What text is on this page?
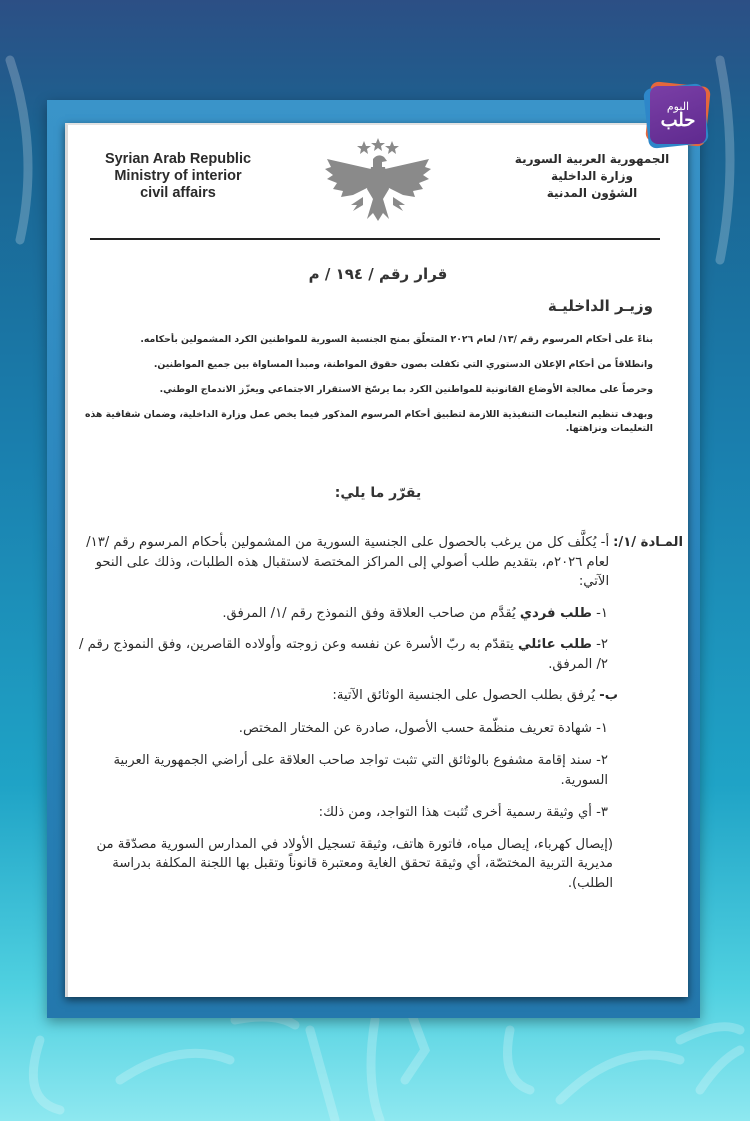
اليوم
حلب
Syrian Arab Republic
Ministry of interior
civil affairs
الجمهورية العربية السورية
وزارة الداخلية
الشؤون المدنية
قرار رقم / ١٩٤ / م
وزيـر الداخليـة

بناءً على أحكام المرسوم رقم /١٣/ لعام ٢٠٢٦ المتعلّق بمنح الجنسية السورية للمواطنين الكرد المشمولين بأحكامه.

وانطلاقاً من أحكام الإعلان الدستوري التي تكفلت بصون حقوق المواطنة، ومبدأ المساواة بين جميع المواطنين.

وحرصاً على معالجة الأوضاع القانونية للمواطنين الكرد بما يرسّخ الاستقرار الاجتماعي ويعزّز الاندماج الوطني.

وبهدف تنظيم التعليمات التنفيذية اللازمة لتطبيق أحكام المرسوم المذكور فيما يخص عمل وزارة الداخلية، وضمان شفافية هذه التعليمات ونزاهتها.

يقرّر ما يلي:
المـادة /١/:

أ- يُكلَّف كل من يرغب بالحصول على الجنسية السورية من المشمولين بأحكام المرسوم رقم /١٣/ لعام ٢٠٢٦م، بتقديم طلب أصولي إلى المراكز المختصة لاستقبال هذه الطلبات، وذلك على النحو الآتي:

١- طلب فردي يُقدَّم من صاحب العلاقة وفق النموذج رقم /١/ المرفق.
٢- طلب عائلي يتقدّم به ربّ الأسرة عن نفسه وعن زوجته وأولاده القاصرين، وفق النموذج رقم /٢/ المرفق.
ب- يُرفق بطلب الحصول على الجنسية الوثائق الآتية:
١- شهادة تعريف منظّمة حسب الأصول، صادرة عن المختار المختص.
٢- سند إقامة مشفوع بالوثائق التي تثبت تواجد صاحب العلاقة على أراضي الجمهورية العربية السورية.
٣- أي وثيقة رسمية أخرى تُثبت هذا التواجد، ومن ذلك:
(إيصال كهرباء، إيصال مياه، فاتورة هاتف، وثيقة تسجيل الأولاد في المدارس السورية مصدّقة من مديرية التربية المختصّة، أي وثيقة تحقق الغاية ومعتبرة قانوناً وتقبل بها اللجنة المكلفة بدراسة الطلب).
